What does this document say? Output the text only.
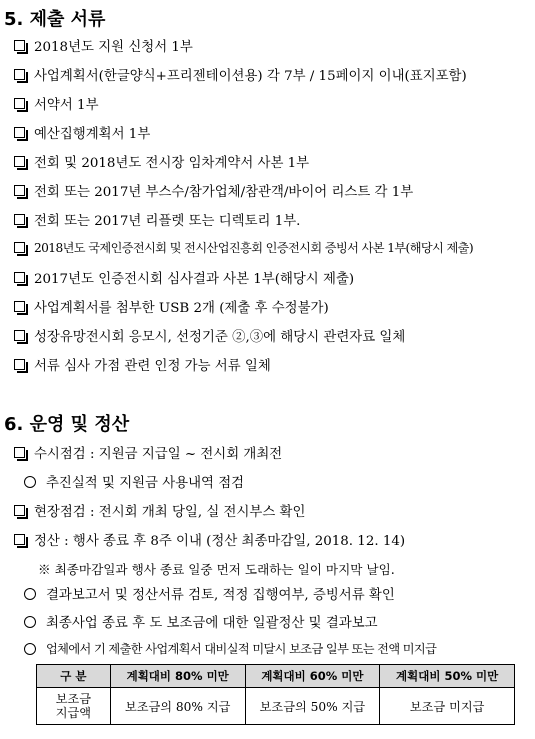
5. 제출 서류
2018년도 지원 신청서 1부
사업계획서(한글양식+프리젠테이션용) 각 7부 / 15페이지 이내(표지포함)
서약서 1부
예산집행계획서 1부
전회 및 2018년도 전시장 임차계약서 사본 1부
전회 또는 2017년 부스수/참가업체/참관객/바이어 리스트 각 1부
전회 또는 2017년 리플렛 또는 디렉토리 1부.
2018년도 국제인증전시회 및 전시산업진흥회 인증전시회 증빙서 사본 1부(해당시 제출)
2017년도 인증전시회 심사결과 사본 1부(해당시 제출)
사업계획서를 첨부한 USB 2개 (제출 후 수정불가)
성장유망전시회 응모시, 선정기준 ②,③에 해당시 관련자료 일체
서류 심사 가점 관련 인정 가능 서류 일체
6. 운영 및 정산
수시점검 : 지원금 지급일 ~ 전시회 개최전
추진실적 및 지원금 사용내역 점검
현장점검 : 전시회 개최 당일, 실 전시부스 확인
정산 : 행사 종료 후 8주 이내 (정산 최종마감일, 2018. 12. 14)
※ 최종마감일과 행사 종료 일중 먼저 도래하는 일이 마지막 날임.
결과보고서 및 정산서류 검토, 적정 집행여부, 증빙서류 확인
최종사업 종료 후 도 보조금에 대한 일괄정산 및 결과보고
업체에서 기 제출한 사업계획서 대비실적 미달시 보조금 일부 또는 전액 미지급
구 분	계획대비 80% 미만	계획대비 60% 미만	계획대비 50% 미만

보조금
지급액	보조금의 80% 지급	보조금의 50% 지급	보조금 미지급
